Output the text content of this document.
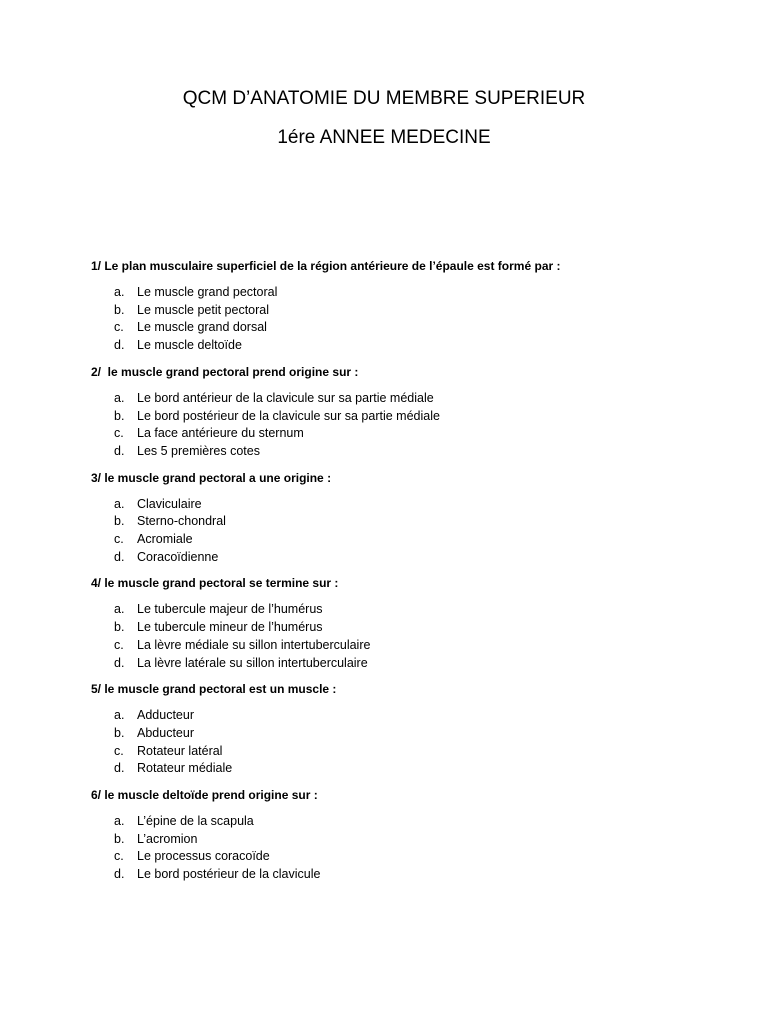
QCM D’ANATOMIE DU MEMBRE SUPERIEUR
1ére ANNEE MEDECINE

1/ Le plan musculaire superficiel de la région antérieure de l’épaule est formé par :

a. Le muscle grand pectoral
b. Le muscle petit pectoral
c. Le muscle grand dorsal
d. Le muscle deltoïde

2/  le muscle grand pectoral prend origine sur :

a. Le bord antérieur de la clavicule sur sa partie médiale
b. Le bord postérieur de la clavicule sur sa partie médiale
c. La face antérieure du sternum
d. Les 5 premières cotes

3/ le muscle grand pectoral a une origine :

a. Claviculaire
b. Sterno-chondral
c. Acromiale
d. Coracoïdienne

4/ le muscle grand pectoral se termine sur :

a. Le tubercule majeur de l’humérus
b. Le tubercule mineur de l’humérus
c. La lèvre médiale su sillon intertuberculaire
d. La lèvre latérale su sillon intertuberculaire

5/ le muscle grand pectoral est un muscle :

a. Adducteur
b. Abducteur
c. Rotateur latéral
d. Rotateur médiale

6/ le muscle deltoïde prend origine sur :

a. L’épine de la scapula
b. L’acromion
c. Le processus coracoïde
d. Le bord postérieur de la clavicule
